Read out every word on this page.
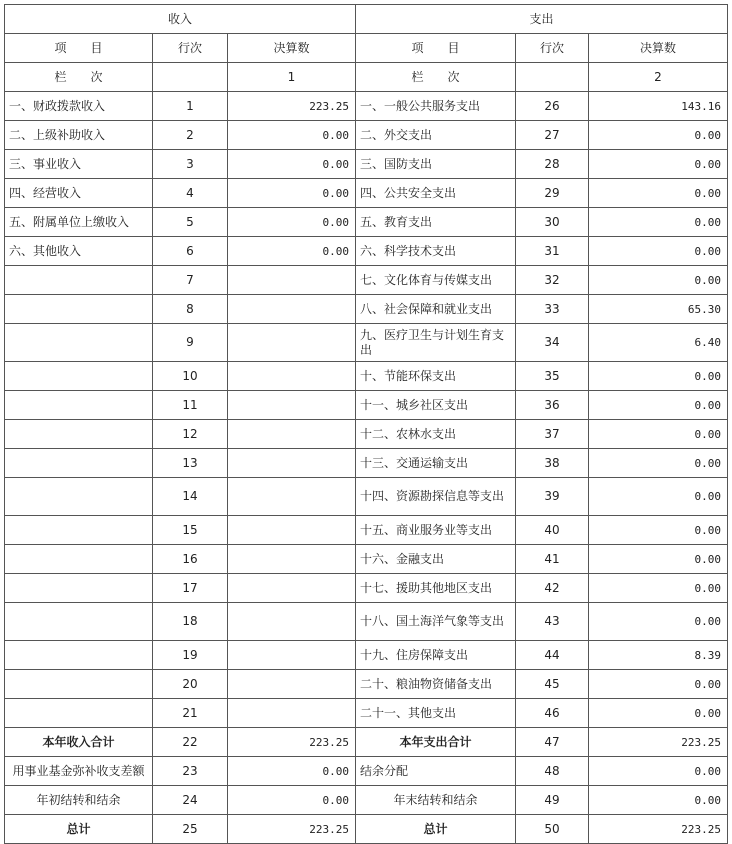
收入			支出		
项　　目	行次	决算数	项　　目	行次	决算数
栏　　次		1	栏　　次		2
一、财政拨款收入	1	223.25	一、一般公共服务支出	26	143.16
二、上级补助收入	2	0.00	二、外交支出	27	0.00
三、事业收入	3	0.00	三、国防支出	28	0.00
四、经营收入	4	0.00	四、公共安全支出	29	0.00
五、附属单位上缴收入	5	0.00	五、教育支出	30	0.00
六、其他收入	6	0.00	六、科学技术支出	31	0.00
	7		七、文化体育与传媒支出	32	0.00
	8		八、社会保障和就业支出	33	65.30
	9		九、医疗卫生与计划生育支出	34	6.40
	10		十、节能环保支出	35	0.00
	11		十一、城乡社区支出	36	0.00
	12		十二、农林水支出	37	0.00
	13		十三、交通运输支出	38	0.00
	14		十四、资源勘探信息等支出	39	0.00
	15		十五、商业服务业等支出	40	0.00
	16		十六、金融支出	41	0.00
	17		十七、援助其他地区支出	42	0.00
	18		十八、国土海洋气象等支出	43	0.00
	19		十九、住房保障支出	44	8.39
	20		二十、粮油物资储备支出	45	0.00
	21		二十一、其他支出	46	0.00
本年收入合计	22	223.25	本年支出合计	47	223.25
用事业基金弥补收支差额	23	0.00	结余分配	48	0.00
年初结转和结余	24	0.00	年末结转和结余	49	0.00
总计	25	223.25	总计	50	223.25
